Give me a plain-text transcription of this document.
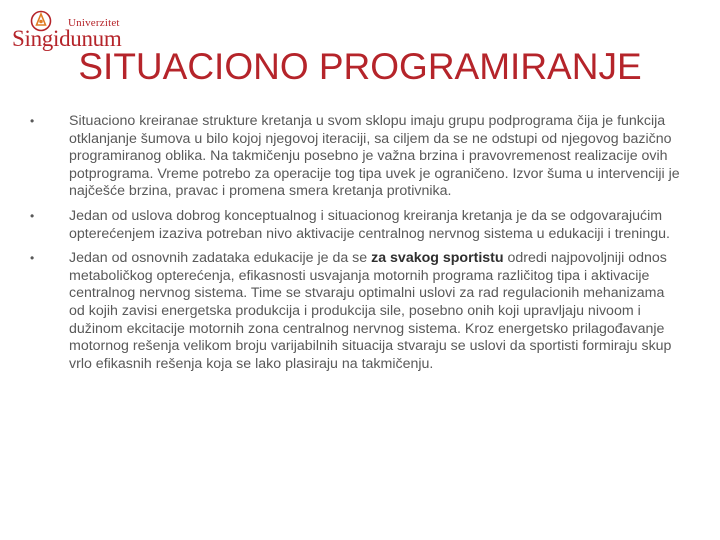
Univerzitet
Singidunum
SITUACIONO PROGRAMIRANJE
•	Situaciono kreiranae strukture kretanja u svom sklopu imaju grupu podprograma čija je funkcija otklanjanje šumova u bilo kojoj njegovoj iteraciji, sa ciljem da se ne odstupi od njegovog bazično programiranog oblika. Na takmičenju posebno je važna brzina i pravovremenost realizacije ovih potprograma. Vreme potrebo za operacije tog tipa uvek je ograničeno. Izvor šuma u intervenciji je najčešće brzina, pravac i promena smera kretanja protivnika.
•	Jedan od uslova dobrog konceptualnog i situacionog kreiranja kretanja je da se odgovarajućim opterećenjem izaziva potreban nivo aktivacije centralnog nervnog sistema u edukaciji i treningu.
•	Jedan od osnovnih zadataka edukacije je da se za svakog sportistu odredi najpovoljniji odnos metaboličkog opterećenja, efikasnosti usvajanja motornih programa različitog tipa i aktivacije centralnog nervnog sistema. Time se stvaraju optimalni uslovi za rad regulacionih mehanizama od kojih zavisi energetska produkcija i produkcija sile, posebno onih koji upravljaju nivoom i dužinom ekcitacije motornih zona centralnog nervnog sistema. Kroz energetsko prilagođavanje motornog rešenja velikom broju varijabilnih situacija stvaraju se uslovi da sportisti formiraju skup vrlo efikasnih rešenja koja se lako plasiraju na takmičenju.
